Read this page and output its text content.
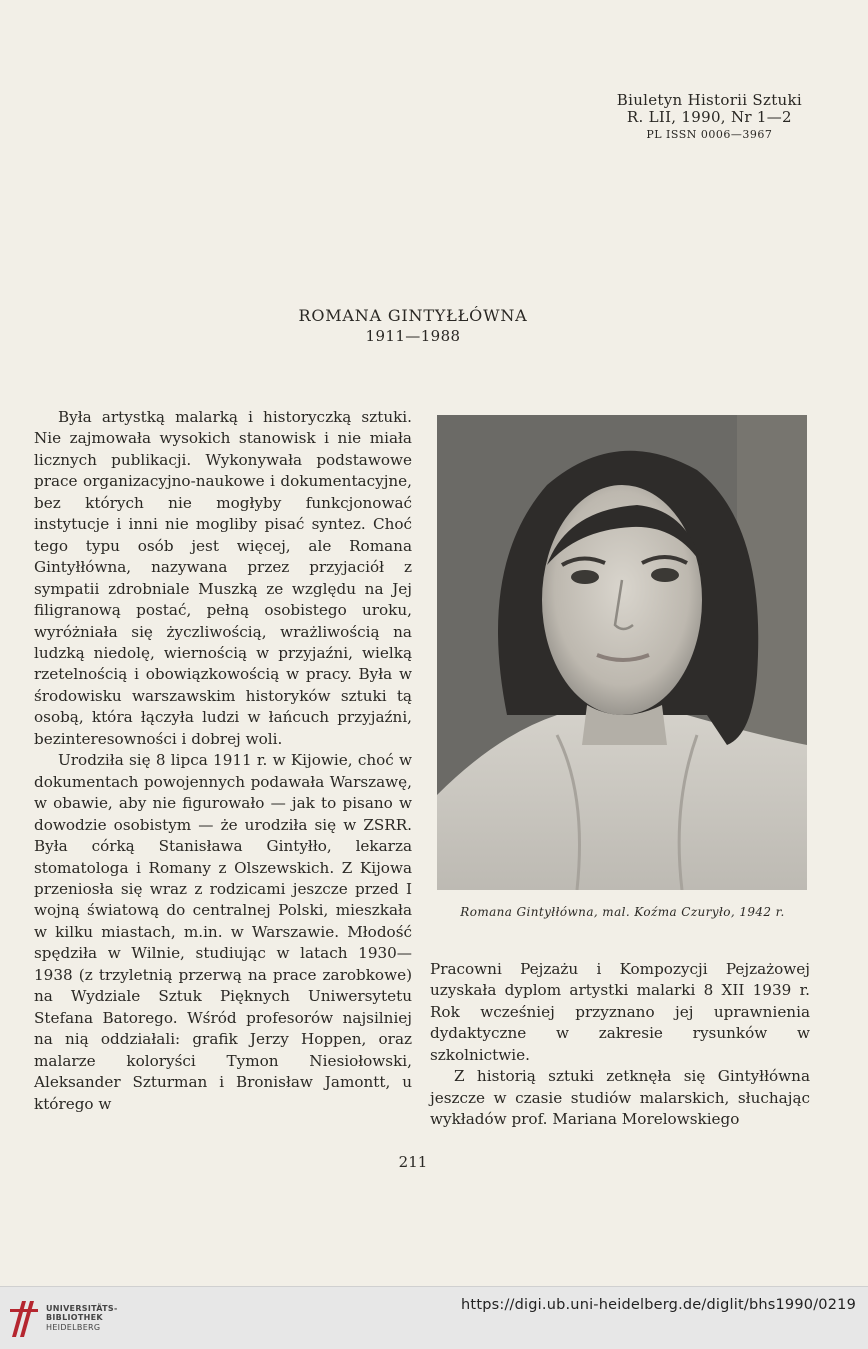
Biuletyn Historii Sztuki
R. LII, 1990, Nr 1—2
PL ISSN 0006—3967
ROMANA GINTYŁŁÓWNA
1911—1988

Była artystką malarką i historyczką sztuki. Nie zajmowała wysokich stanowisk i nie miała licznych publikacji. Wykonywała podstawowe prace organizacyjno-naukowe i dokumentacyjne, bez których nie mogłyby funkcjonować instytucje i inni nie mogliby pisać syntez. Choć tego typu osób jest więcej, ale Romana Gintyłłówna, nazywana przez przyjaciół z sympatii zdrobniale Muszką ze względu na Jej filigranową postać, pełną osobistego uroku, wyróżniała się życzliwością, wrażliwością na ludzką niedolę, wiernością w przyjaźni, wielką rzetelnością i obowiązkowością w pracy. Była w środowisku warszawskim historyków sztuki tą osobą, która łączyła ludzi w łańcuch przyjaźni, bezinteresowności i dobrej woli.

Urodziła się 8 lipca 1911 r. w Kijowie, choć w dokumentach powojennych podawała Warszawę, w obawie, aby nie figurowało — jak to pisano w dowodzie osobistym — że urodziła się w ZSRR. Była córką Stanisława Gintyłło, lekarza stomatologa i Romany z Olszewskich. Z Kijowa przeniosła się wraz z rodzicami jeszcze przed I wojną światową do centralnej Polski, mieszkała w kilku miastach, m.in. w Warszawie. Młodość spędziła w Wilnie, studiując w latach 1930—1938 (z trzyletnią przerwą na prace zarobkowe) na Wydziale Sztuk Pięknych Uniwersytetu Stefana Batorego. Wśród profesorów najsilniej na nią oddziałali: grafik Jerzy Hoppen, oraz malarze koloryści Tymon Niesiołowski, Aleksander Szturman i Bronisław Jamontt, u którego w

Romana Gintyłłówna, mal. Koźma Czuryło, 1942 r.

Pracowni Pejzażu i Kompozycji Pejzażowej uzyskała dyplom artystki malarki 8 XII 1939 r. Rok wcześniej przyznano jej uprawnienia dydaktyczne w zakresie rysunków w szkolnictwie.

Z historią sztuki zetknęła się Gintyłłówna jeszcze w czasie studiów malarskich, słuchając wykładów prof. Mariana Morelowskiego

211
UNIVERSITÄTS-
BIBLIOTHEK
HEIDELBERG
https://digi.ub.uni-heidelberg.de/diglit/bhs1990/0219
